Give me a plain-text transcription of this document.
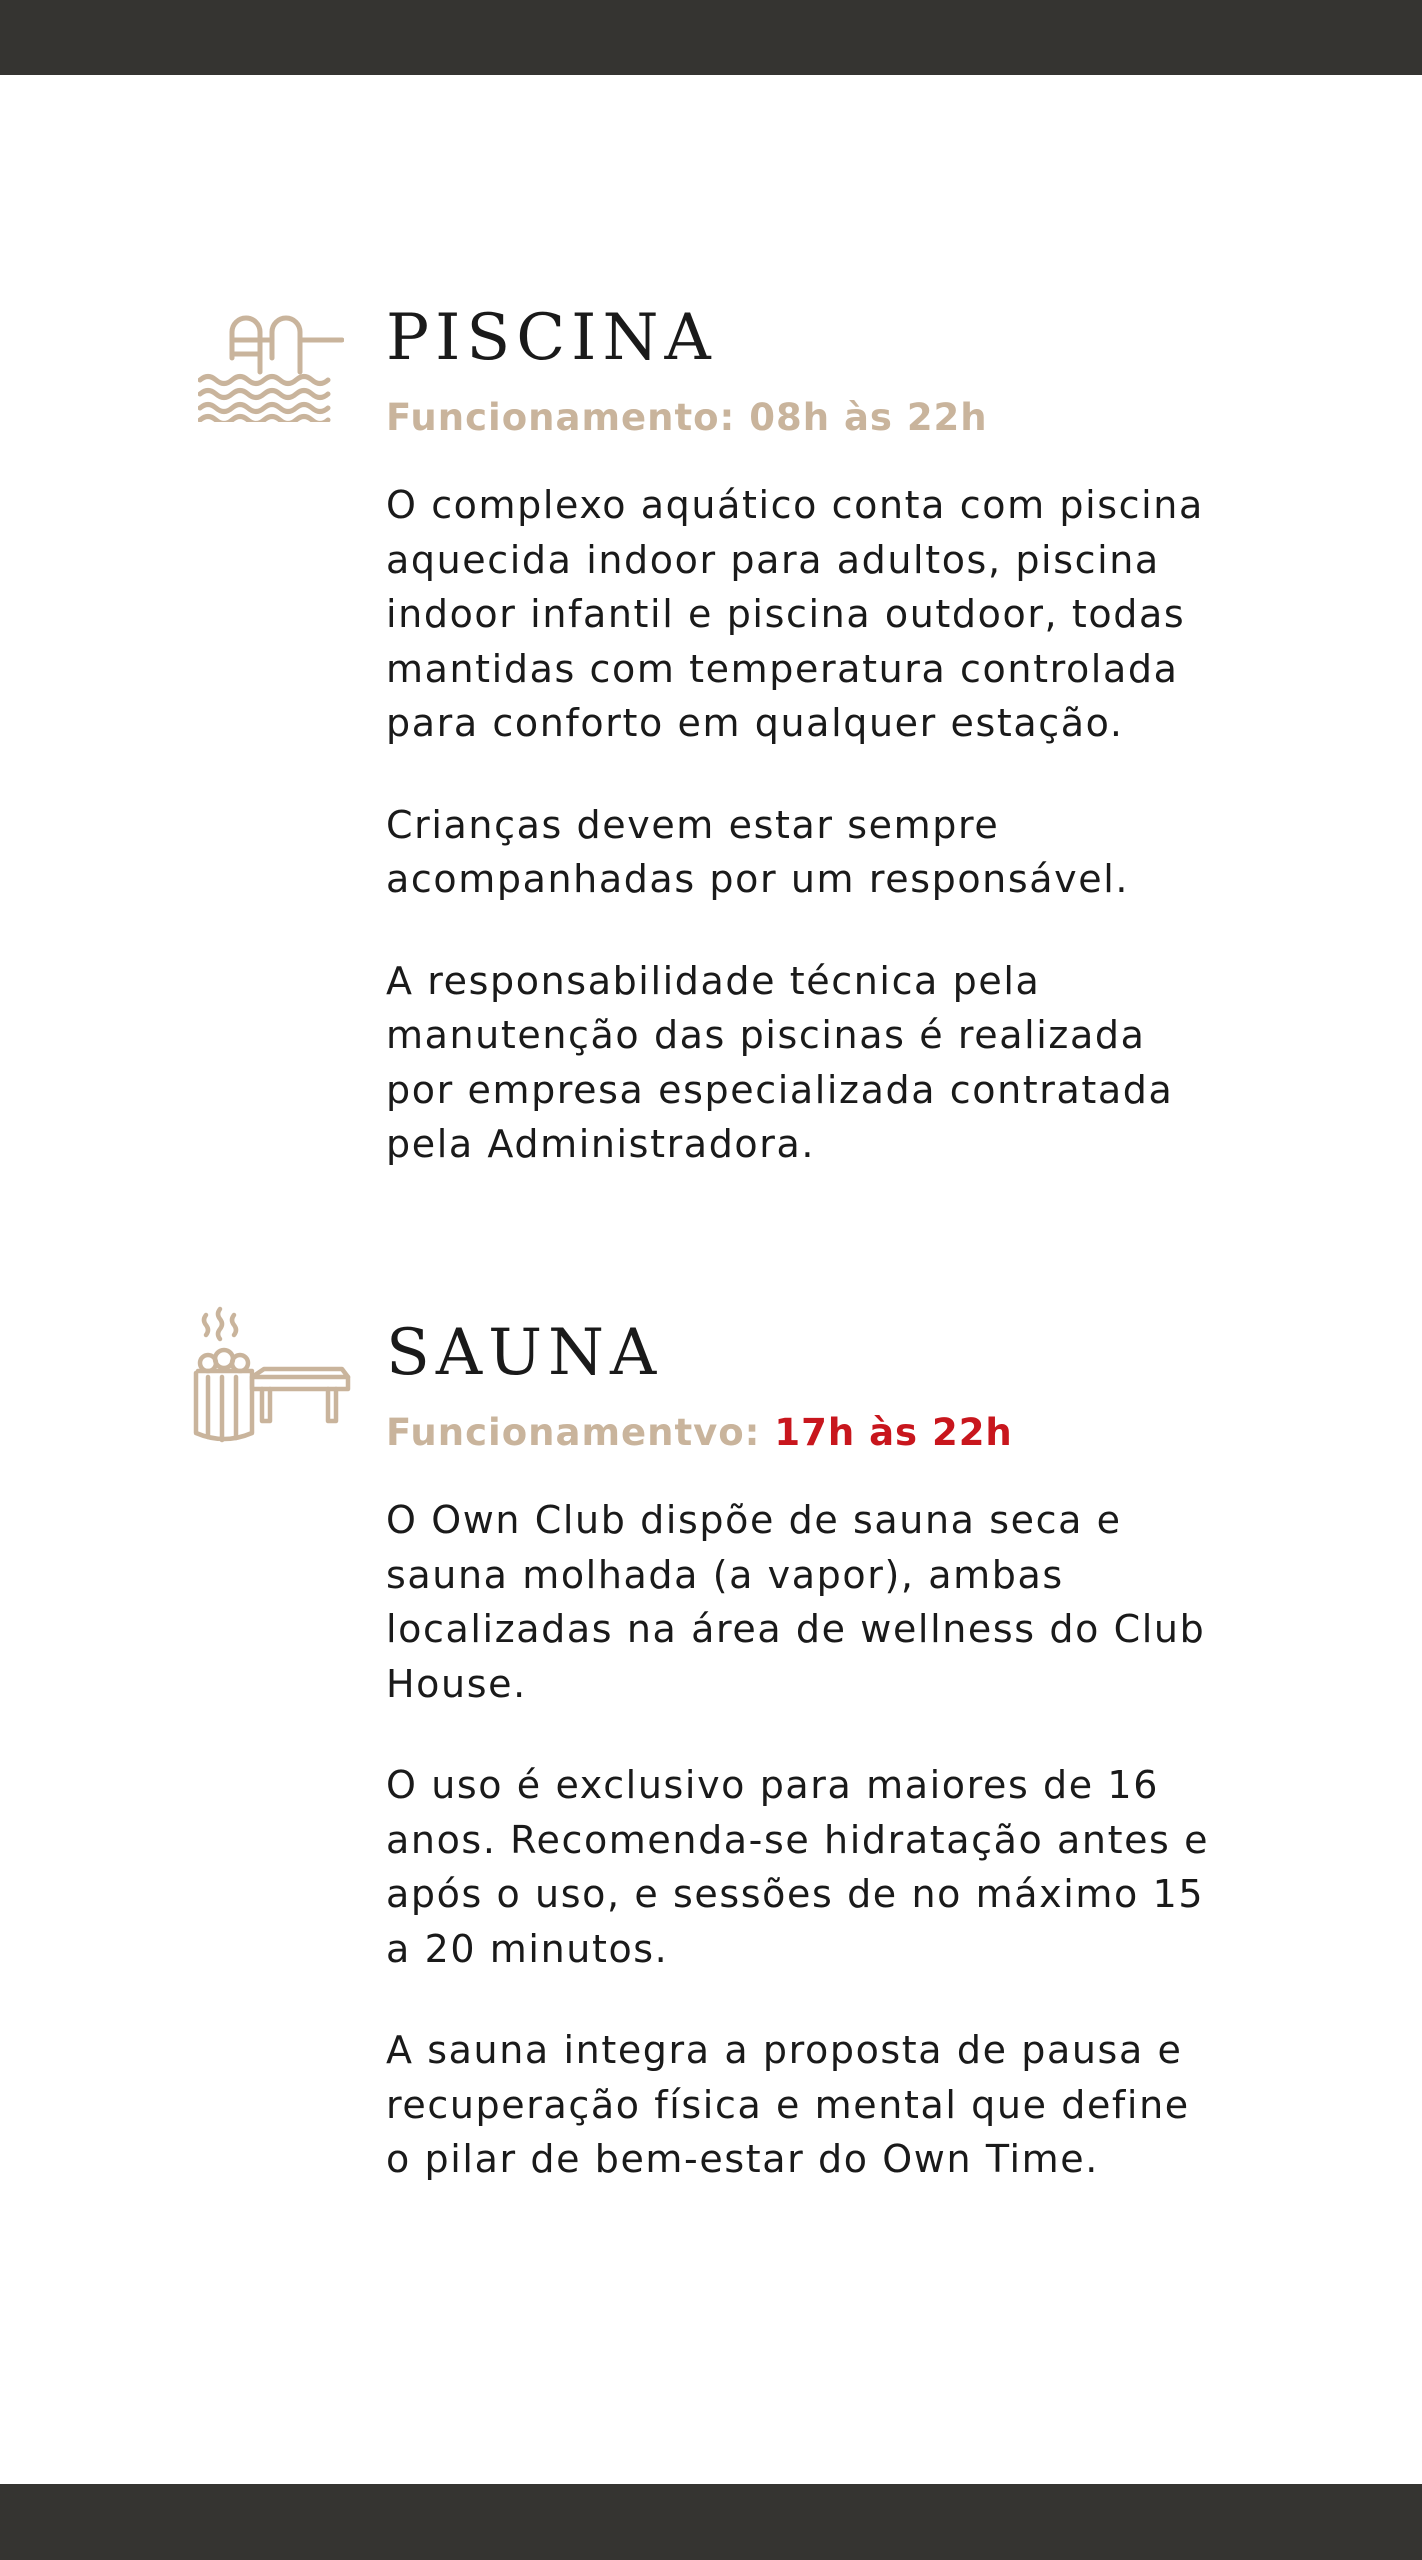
PISCINA

Funcionamento: 08h às 22h

O complexo aquático conta com piscina aquecida indoor para adultos, piscina indoor infantil e piscina outdoor, todas mantidas com temperatura controlada para conforto em qualquer estação.

Crianças devem estar sempre acompanhadas por um responsável.

A responsabilidade técnica pela manutenção das piscinas é realizada por empresa especializada contratada pela Administradora.

SAUNA

Funcionamentvo: 17h às 22h

O Own Club dispõe de sauna seca e sauna molhada (a vapor), ambas localizadas na área de wellness do Club House.

O uso é exclusivo para maiores de 16 anos. Recomenda-se hidratação antes e após o uso, e sessões de no máximo 15 a 20 minutos.

A sauna integra a proposta de pausa e recuperação física e mental que define o pilar de bem-estar do Own Time.
